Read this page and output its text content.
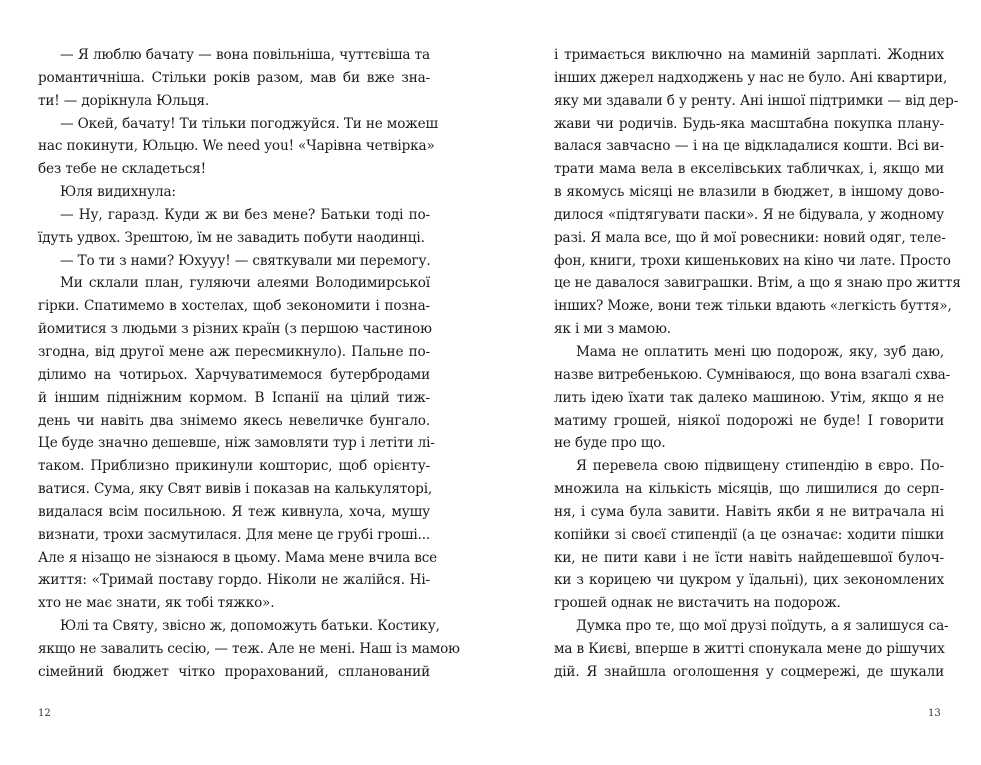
— Я люблю бачату — вона повільніша, чуттєвіша та
романтичніша. Стільки років разом, мав би вже зна-
ти! — дорікнула Юльця.
— Окей, бачату! Ти тільки погоджуйся. Ти не можеш
нас покинути, Юльцю. We need you! «Чарівна четвірка»
без тебе не складеться!
Юля видихнула:
— Ну, гаразд. Куди ж ви без мене? Батьки тоді по-
їдуть удвох. Зрештою, їм не завадить побути наодинці.
— То ти з нами? Юхууу! — святкували ми перемогу.
Ми склали план, гуляючи алеями Володимирської
гірки. Спатимемо в хостелах, щоб зекономити і позна-
йомитися з людьми з різних країн (з першою частиною
згодна, від другої мене аж пересмикнуло). Пальне по-
ділимо на чотирьох. Харчуватимемося бутербродами
й іншим підніжним кормом. В Іспанії на цілий тиж-
день чи навіть два знімемо якесь невеличке бунгало.
Це буде значно дешевше, ніж замовляти тур і летіти лі-
таком. Приблизно прикинули кошторис, щоб орієнту-
ватися. Сума, яку Свят вивів і показав на калькуляторі,
видалася всім посильною. Я теж кивнула, хоча, мушу
визнати, трохи засмутилася. Для мене це грубі гроші...
Але я нізащо не зізнаюся в цьому. Мама мене вчила все
життя: «Тримай поставу гордо. Ніколи не жалійся. Ні-
хто не має знати, як тобі тяжко».
Юлі та Святу, звісно ж, допоможуть батьки. Костику,
якщо не завалить сесію, — теж. Але не мені. Наш із мамою
сімейний бюджет чітко прорахований, спланований
і тримається виключно на маминій зарплаті. Жодних
інших джерел надходжень у нас не було. Ані квартири,
яку ми здавали б у ренту. Ані іншої підтримки — від дер-
жави чи родичів. Будь-яка масштабна покупка плану-
валася завчасно — і на це відкладалися кошти. Всі ви-
трати мама вела в екселівських табличках, і, якщо ми
в якомусь місяці не влазили в бюджет, в іншому дово-
дилося «підтягувати паски». Я не бідувала, у жодному
разі. Я мала все, що й мої ровесники: новий одяг, теле-
фон, книги, трохи кишенькових на кіно чи лате. Просто
це не давалося завиграшки. Втім, а що я знаю про життя
інших? Може, вони теж тільки вдають «легкість буття»,
як і ми з мамою.
Мама не оплатить мені цю подорож, яку, зуб даю,
назве витребенькою. Сумніваюся, що вона взагалі схва-
лить ідею їхати так далеко машиною. Утім, якщо я не
матиму грошей, ніякої подорожі не буде! І говорити
не буде про що.
Я перевела свою підвищену стипендію в євро. По-
множила на кількість місяців, що лишилися до серп-
ня, і сума була завити. Навіть якби я не витрачала ні
копійки зі своєї стипендії (а це означає: ходити пішки
ки, не пити кави і не їсти навіть найдешевшої булоч-
ки з корицею чи цукром у їдальні), цих зекономлених
грошей однак не вистачить на подорож.
Думка про те, що мої друзі поїдуть, а я залишуся са-
ма в Києві, вперше в житті спонукала мене до рішучих
дій. Я знайшла оголошення у соцмережі, де шукали
12	13
